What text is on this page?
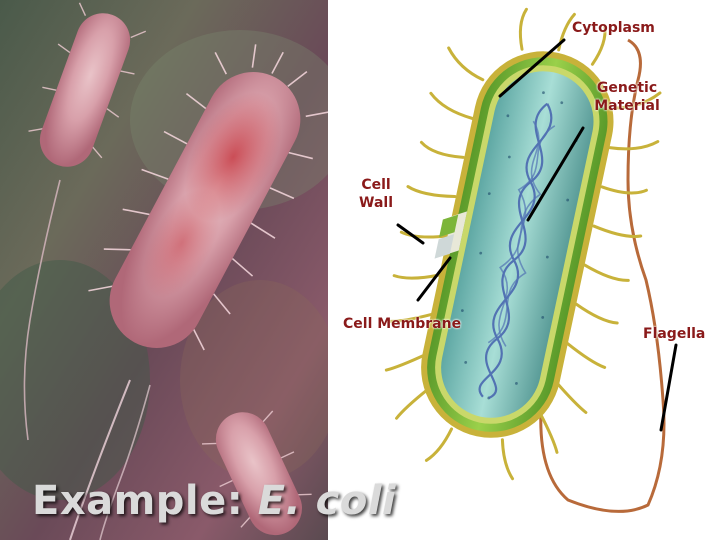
Cytoplasm
Genetic
Material
Cell
Wall
Cell Membrane
Flagella
Example: E. coli
